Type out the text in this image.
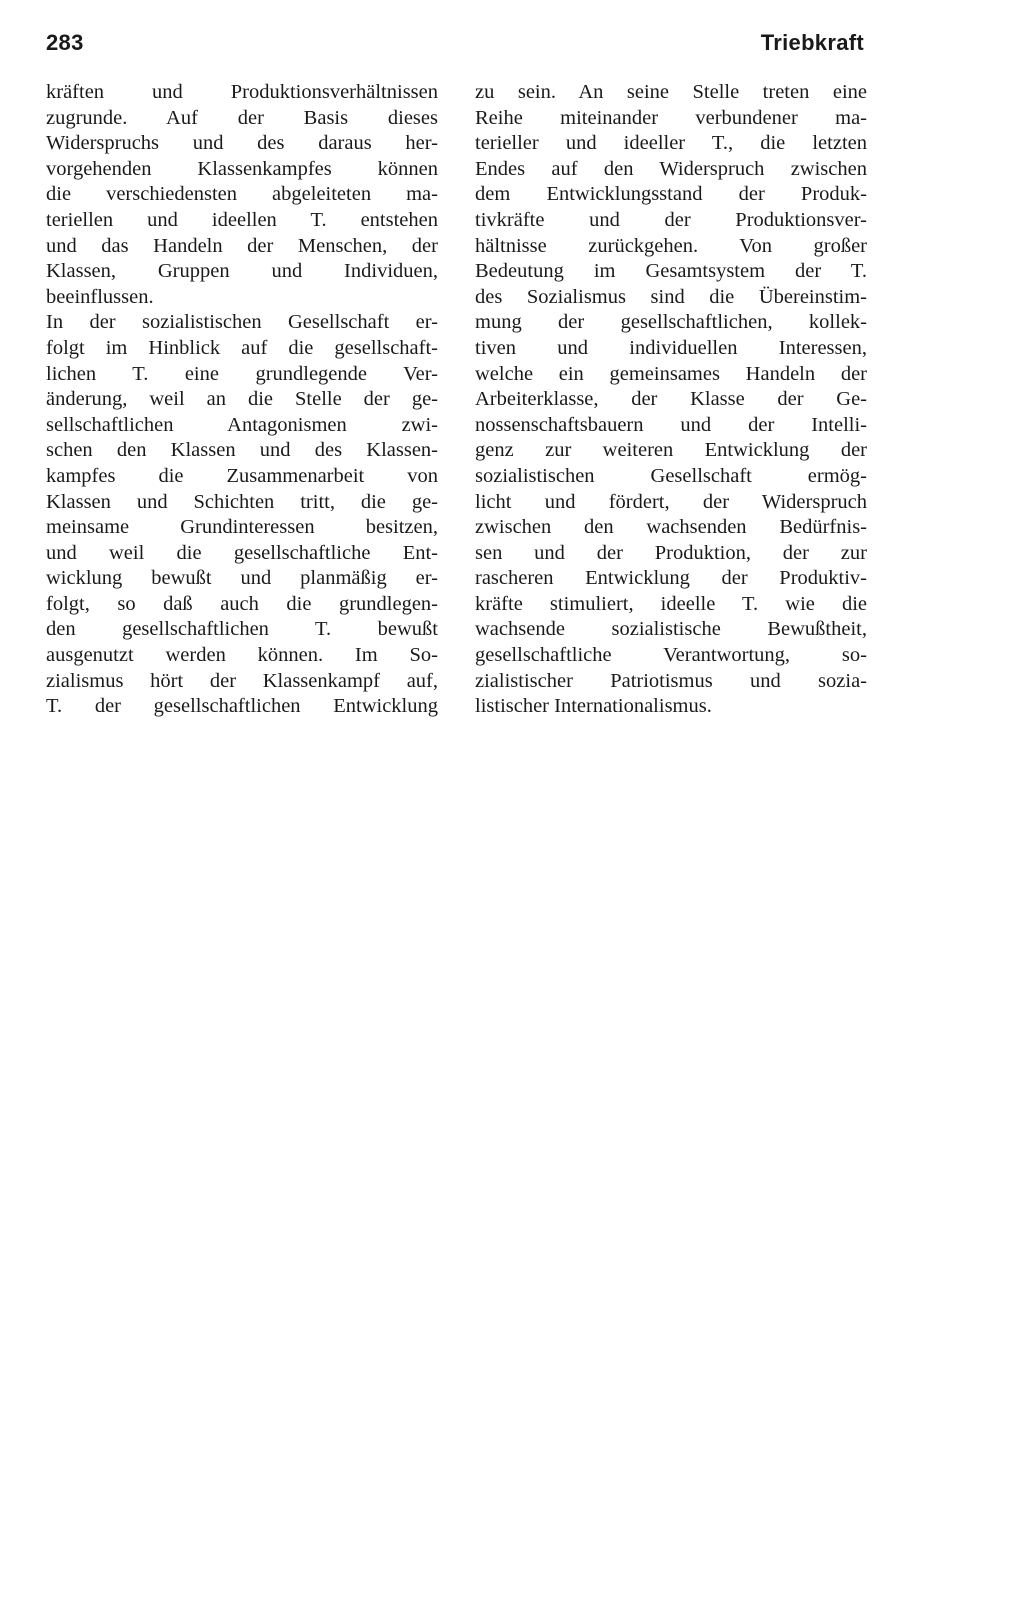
283	Triebkraft
kräften und Produktionsverhältnissen
zugrunde. Auf der Basis dieses
Widerspruchs und des daraus her-
vorgehenden Klassenkampfes können
die verschiedensten abgeleiteten ma-
teriellen und ideellen T. entstehen
und das Handeln der Menschen, der
Klassen, Gruppen und Individuen,
beeinflussen.
In der sozialistischen Gesellschaft er-
folgt im Hinblick auf die gesellschaft-
lichen T. eine grundlegende Ver-
änderung, weil an die Stelle der ge-
sellschaftlichen Antagonismen zwi-
schen den Klassen und des Klassen-
kampfes die Zusammenarbeit von
Klassen und Schichten tritt, die ge-
meinsame Grundinteressen besitzen,
und weil die gesellschaftliche Ent-
wicklung bewußt und planmäßig er-
folgt, so daß auch die grundlegen-
den gesellschaftlichen T. bewußt
ausgenutzt werden können. Im So-
zialismus hört der Klassenkampf auf,
T. der gesellschaftlichen Entwicklung
zu sein. An seine Stelle treten eine
Reihe miteinander verbundener ma-
terieller und ideeller T., die letzten
Endes auf den Widerspruch zwischen
dem Entwicklungsstand der Produk-
tivkräfte und der Produktionsver-
hältnisse zurückgehen. Von großer
Bedeutung im Gesamtsystem der T.
des Sozialismus sind die Übereinstim-
mung der gesellschaftlichen, kollek-
tiven und individuellen Interessen,
welche ein gemeinsames Handeln der
Arbeiterklasse, der Klasse der Ge-
nossenschaftsbauern und der Intelli-
genz zur weiteren Entwicklung der
sozialistischen Gesellschaft ermög-
licht und fördert, der Widerspruch
zwischen den wachsenden Bedürfnis-
sen und der Produktion, der zur
rascheren Entwicklung der Produktiv-
kräfte stimuliert, ideelle T. wie die
wachsende sozialistische Bewußtheit,
gesellschaftliche Verantwortung, so-
zialistischer Patriotismus und sozia-
listischer Internationalismus.
